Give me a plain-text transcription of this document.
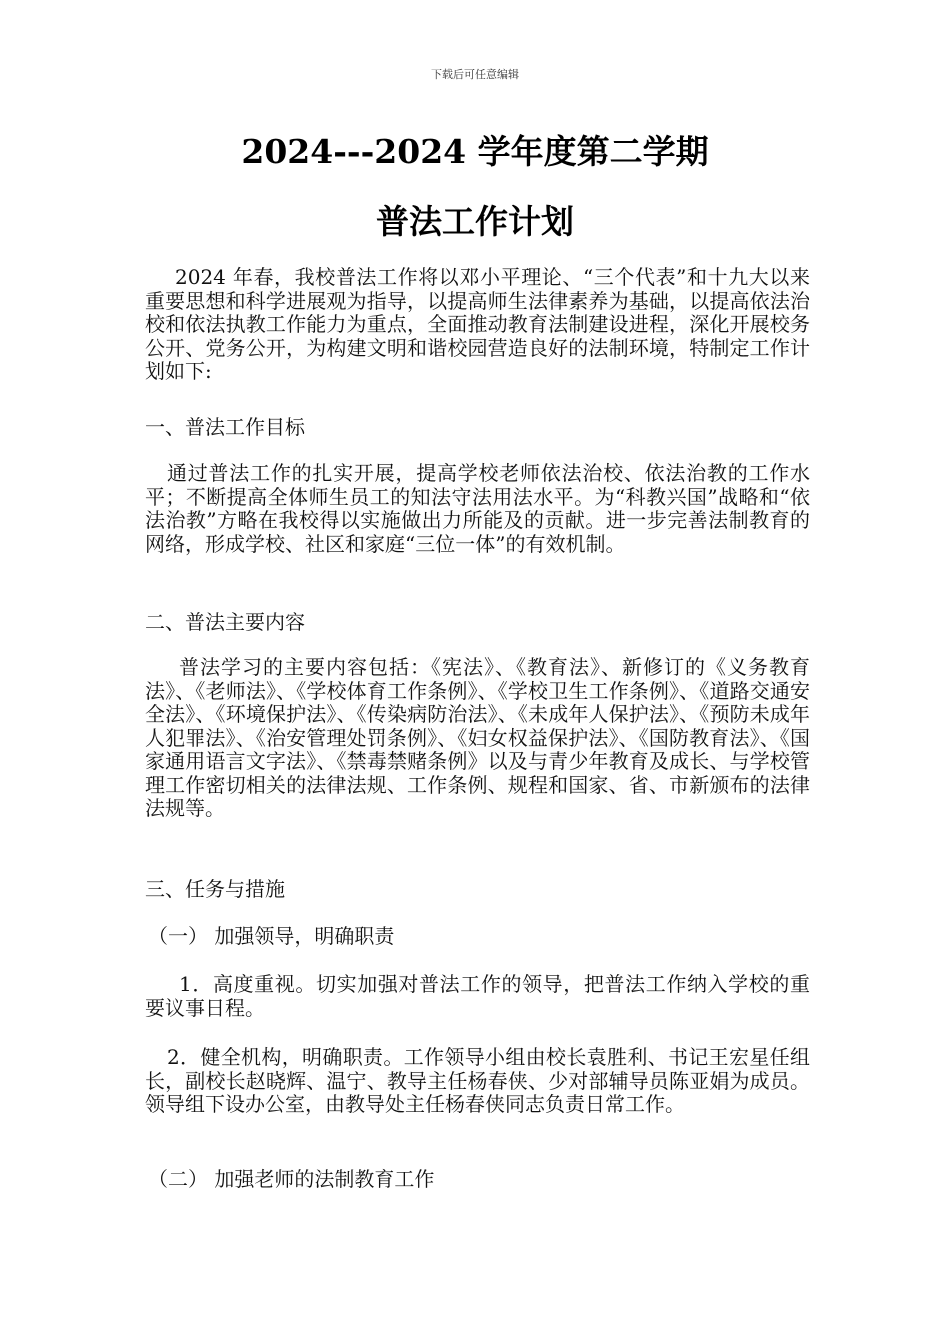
下载后可任意编辑
2024---2024 学年度第二学期
普法工作计划

2024 年春，我校普法工作将以邓小平理论、“三个代表”和十九大以来重要思想和科学进展观为指导，以提高师生法律素养为基础，以提高依法治校和依法执教工作能力为重点，全面推动教育法制建设进程，深化开展校务公开、党务公开，为构建文明和谐校园营造良好的法制环境，特制定工作计划如下:

一、普法工作目标

通过普法工作的扎实开展，提高学校老师依法治校、依法治教的工作水平；不断提高全体师生员工的知法守法用法水平。为“科教兴国”战略和“依法治教”方略在我校得以实施做出力所能及的贡献。进一步完善法制教育的网络，形成学校、社区和家庭“三位一体”的有效机制。

二、普法主要内容

普法学习的主要内容包括：《宪法》、《教育法》、新修订的《义务教育法》、《老师法》、《学校体育工作条例》、《学校卫生工作条例》、《道路交通安全法》、《环境保护法》、《传染病防治法》、《未成年人保护法》、《预防未成年人犯罪法》、《治安管理处罚条例》、《妇女权益保护法》、《国防教育法》、《国家通用语言文字法》、《禁毒禁赌条例》以及与青少年教育及成长、与学校管理工作密切相关的法律法规、工作条例、规程和国家、省、市新颁布的法律法规等。

三、任务与措施

（一） 加强领导，明确职责

1．高度重视。切实加强对普法工作的领导，把普法工作纳入学校的重要议事日程。

2．健全机构，明确职责。工作领导小组由校长袁胜利、书记王宏星任组长，副校长赵晓辉、温宁、教导主任杨春侠、少对部辅导员陈亚娟为成员。领导组下设办公室，由教导处主任杨春侠同志负责日常工作。

（二） 加强老师的法制教育工作
